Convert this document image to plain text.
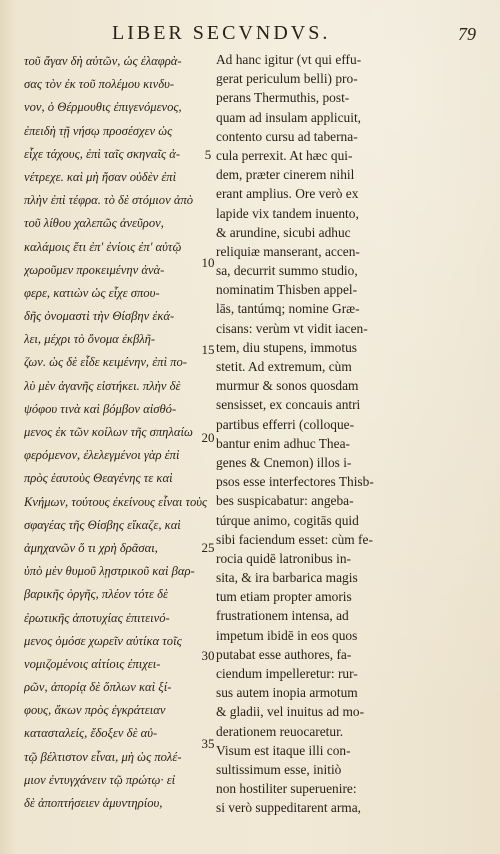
LIBER SECVNDVS.	79
τοῦ ἄγαν δὴ αὐτῶν, ὡς ἐλαφρὰ-
σας τὸν ἐκ τοῦ πολέμου κινδυ-
νον, ὁ Θέρμουθις ἐπιγενόμενος,
ἐπειδὴ τῇ νήσῳ προσέσχεν ὡς
εἶχε τάχους, ἐπὶ ταῖς σκηναῖς ἀ-
νέτρεχε. καὶ μὴ ἤσαν οὐδὲν ἐπὶ
πλὴν ἐπὶ τέφρα. τὸ δὲ στόμιον ἀπὸ
τοῦ λίθου χαλεπῶς ἀνεῦρον,
καλάμοις ἔτι ἐπ' ἐνίοις ἐπ' αὐτῷ
χωροῦμεν προκειμένην ἀνὰ-
φερε, κατιὼν ὡς εἶχε σπου-
δῆς ὀνομαστὶ τὴν Θίσβην ἐκά-
λει, μέχρι τὸ ὄνομα ἐκβλῆ-
ζων. ὡς δὲ εἶδε κειμένην, ἐπὶ πο-
λὺ μὲν ἀγανῆς εἱστήκει. πλὴν δὲ
ψόφου τινὰ καὶ βόμβον αἰσθό-
μενος ἐκ τῶν κοίλων τῆς σπηλαίω
φερόμενον, ἐλελεγμένοι γὰρ ἐπὶ
πρὸς ἑαυτοὺς Θεαγένης τε καὶ
Κνήμων, τούτους ἐκείνους εἶναι τοὺς
σφαγέας τῆς Θίσβης εἴκαζε, καὶ
ἀμηχανῶν ὅ τι χρὴ δρᾶσαι,
ὑπὸ μὲν θυμοῦ λῃστρικοῦ καὶ βαρ-
βαρικῆς ὀργῆς, πλέον τότε δὲ
ἐρωτικῆς ἀποτυχίας ἐπιτεινό-
μενος ὁμόσε χωρεῖν αὐτίκα τοῖς
νομιζομένοις αἰτίοις ἐπιχει-
ρῶν, ἀπορίᾳ δὲ ὅπλων καὶ ξί-
φους, ἄκων πρὸς ἐγκράτειαν
κατασταλείς, ἔδοξεν δὲ αὐ-
τῷ βέλτιστον εἶναι, μὴ ὡς πολέ-
μιον ἐντυγχάνειν τῷ πρώτῳ· εἰ
δὲ ἀποπτήσειεν ἀμυντηρίου,
5
10
15
20
25
30
35
Ad hanc igitur (vt qui effu-
gerat periculum belli) pro-
perans Thermuthis, post-
quam ad insulam applicuit,
contento cursu ad taberna-
cula perrexit. At hæc qui-
dem, præter cinerem nihil
erant amplius. Ore verò ex
lapide vix tandem inuento,
& arundine, sicubi adhuc
reliquiæ manserant, accen-
sa, decurrit summo studio,
nominatim Thisben appel-
lās, tantúmq; nomine Græ-
cisans: verùm vt vidit iacen-
tem, diu stupens, immotus
stetit. Ad extremum, cùm
murmur & sonos quosdam
sensisset, ex concauis antri
partibus efferri (colloque-
bantur enim adhuc Thea-
genes & Cnemon) illos i-
psos esse interfectores Thisb-
bes suspicabatur: angeba-
túrque animo, cogitās quid
sibi faciendum esset: cùm fe-
rocia quidē latronibus in-
sita, & ira barbarica magis
tum etiam propter amoris
frustrationem intensa, ad
impetum ibidē in eos quos
putabat esse authores, fa-
ciendum impelleretur: rur-
sus autem inopia armotum
& gladii, vel inuitus ad mo-
derationem reuocaretur.
Visum est itaque illi con-
sultissimum esse, initiò
non hostiliter superuenire:
si verò suppeditarent arma,
